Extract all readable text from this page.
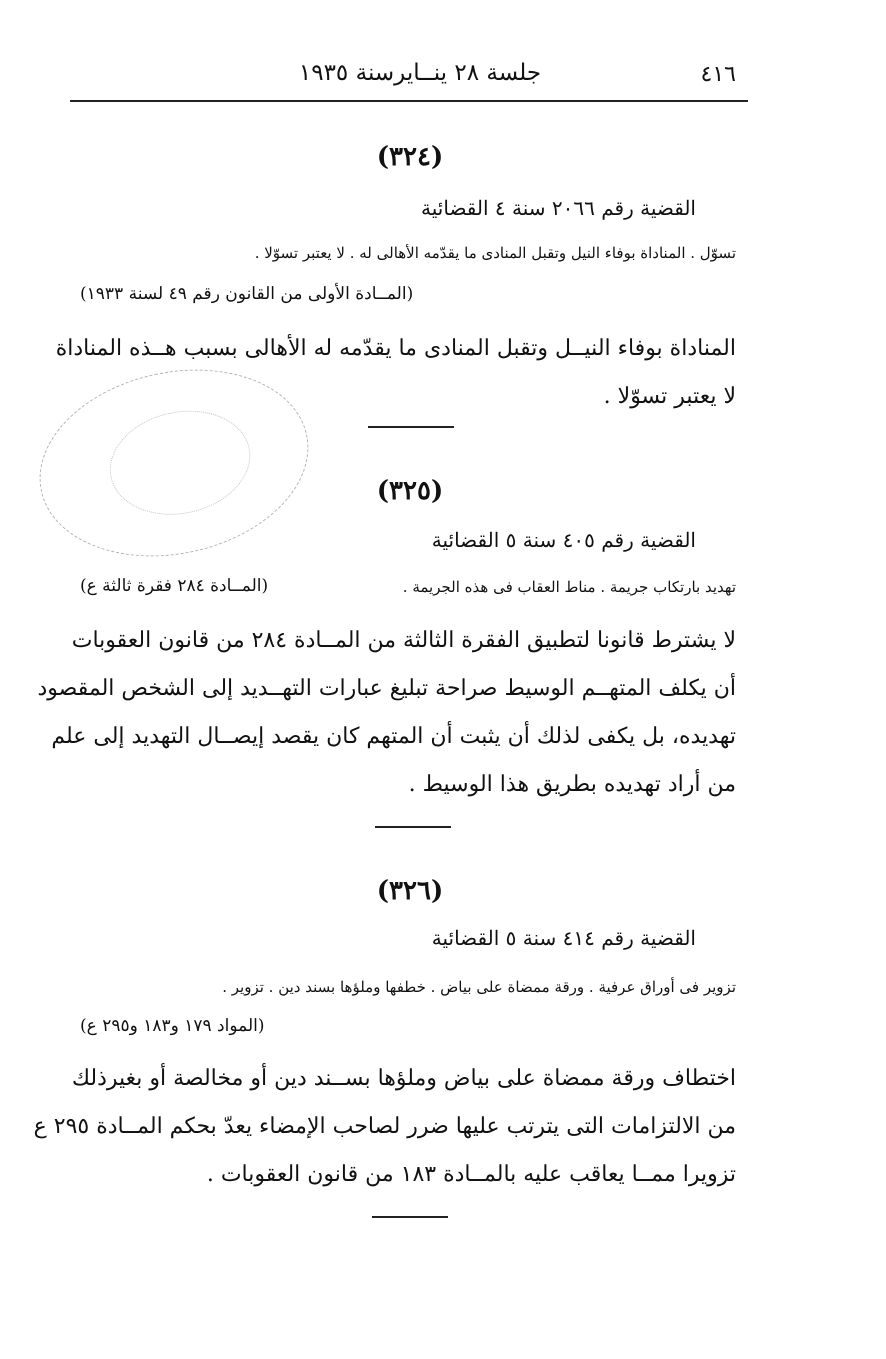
٤١٦
جلسة ٢٨ ينــايرسنة ١٩٣٥
(٣٢٤)
القضية رقم ٢٠٦٦ سنة ٤ القضائية
تسوّل . المناداة بوفاء النيل وتقبل المنادى ما يقدّمه الأهالى له . لا يعتبر تسوّلا .
(المــادة الأولى من القانون رقم ٤٩ لسنة ١٩٣٣)
المناداة بوفاء النيــل وتقبل المنادى ما يقدّمه له الأهالى بسبب هــذه المناداة
لا يعتبر تسوّلا .
(٣٢٥)
القضية رقم ٤٠٥ سنة ٥ القضائية
تهديد بارتكاب جريمة . مناط العقاب فى هذه الجريمة .
(المــادة ٢٨٤ فقرة ثالثة ع)
لا يشترط قانونا لتطبيق الفقرة الثالثة من المــادة ٢٨٤ من قانون العقوبات
أن يكلف المتهــم الوسيط صراحة تبليغ عبارات التهــديد إلى الشخص المقصود
تهديده، بل يكفى لذلك أن يثبت أن المتهم كان يقصد إيصــال التهديد إلى علم
من أراد تهديده بطريق هذا الوسيط .
(٣٢٦)
القضية رقم ٤١٤ سنة ٥ القضائية
تزوير فى أوراق عرفية . ورقة ممضاة على بياض . خطفها وملؤها بسند دين . تزوير .
(المواد ١٧٩ و١٨٣ و٢٩٥ ع)
اختطاف ورقة ممضاة على بياض وملؤها بســند دين أو مخالصة أو بغيرذلك
من الالتزامات التى يترتب عليها ضرر لصاحب الإمضاء يعدّ بحكم المــادة ٢٩٥ ع
تزويرا ممــا يعاقب عليه بالمــادة ١٨٣ من قانون العقوبات .
